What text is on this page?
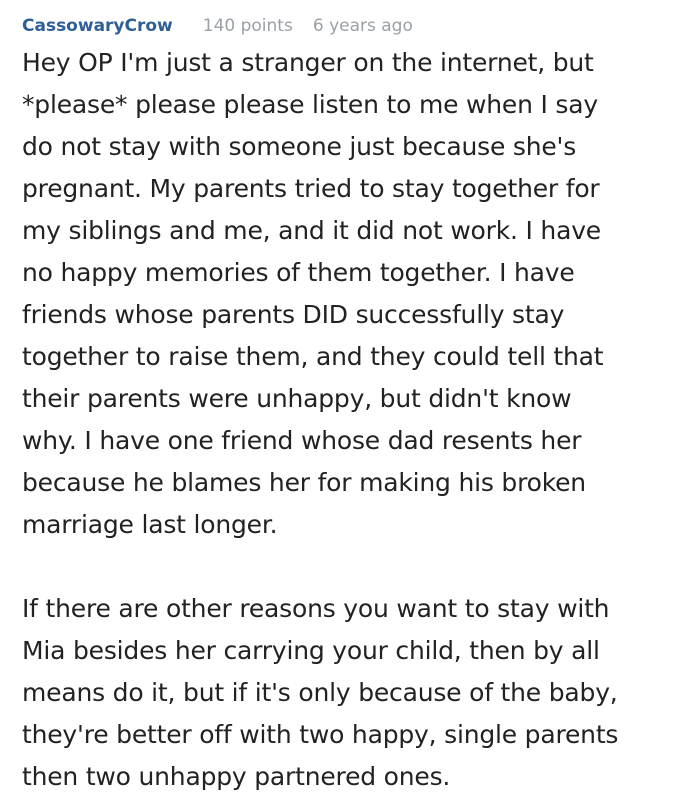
CassowaryCrow 140 points 6 years ago

Hey OP I'm just a stranger on the internet, but
*please* please please listen to me when I say
do not stay with someone just because she's
pregnant. My parents tried to stay together for
my siblings and me, and it did not work. I have
no happy memories of them together. I have
friends whose parents DID successfully stay
together to raise them, and they could tell that
their parents were unhappy, but didn't know
why. I have one friend whose dad resents her
because he blames her for making his broken
marriage last longer.

If there are other reasons you want to stay with
Mia besides her carrying your child, then by all
means do it, but if it's only because of the baby,
they're better off with two happy, single parents
then two unhappy partnered ones.
